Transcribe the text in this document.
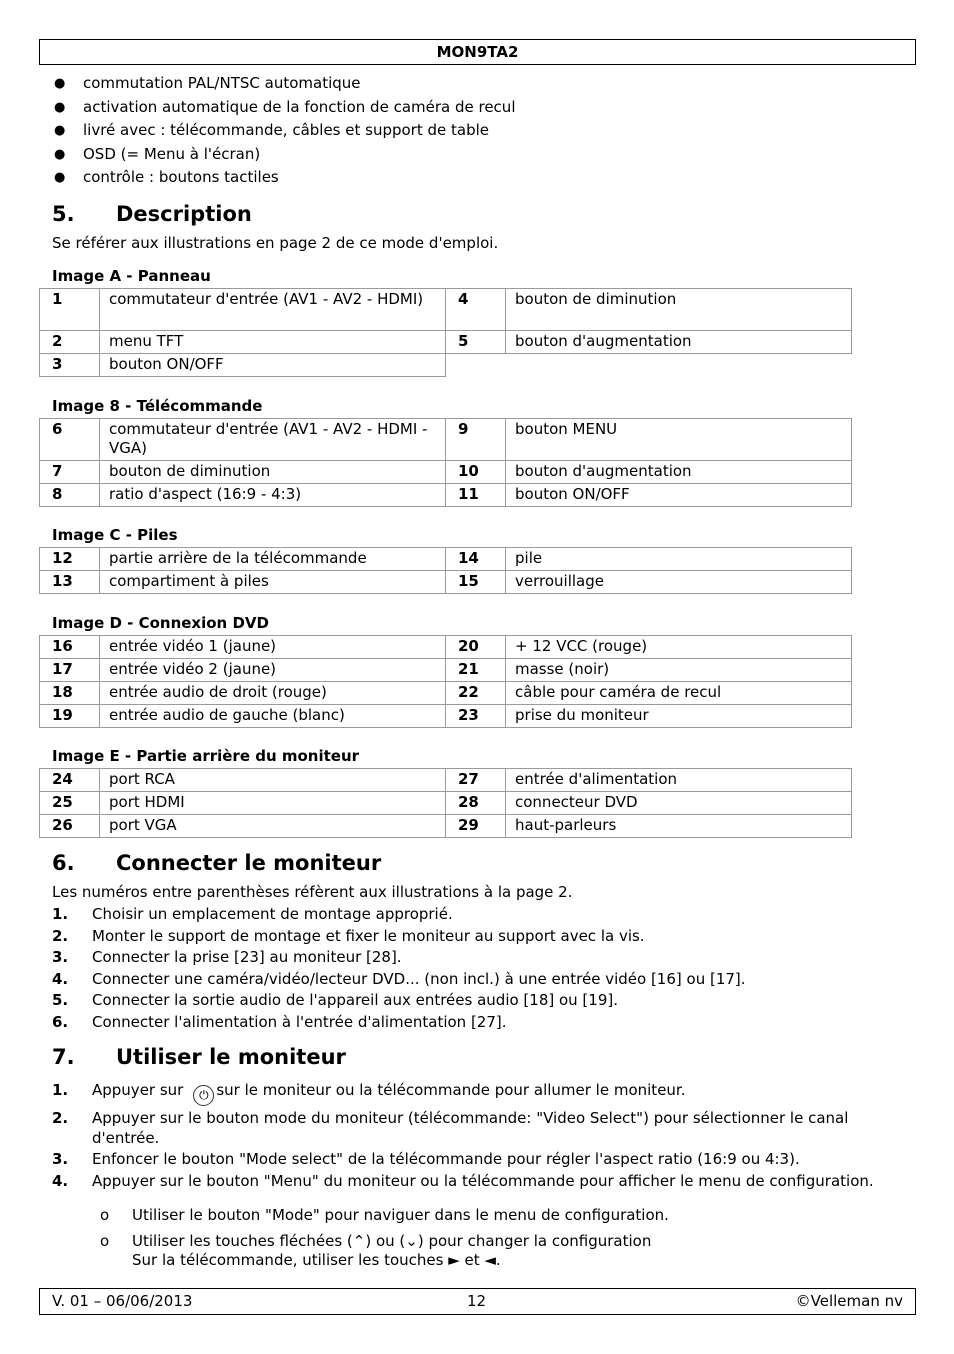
MON9TA2
● commutation PAL/NTSC automatique
● activation automatique de la fonction de caméra de recul
● livré avec : télécommande, câbles et support de table
● OSD (= Menu à l'écran)
● contrôle : boutons tactiles
5. Description
Se référer aux illustrations en page 2 de ce mode d'emploi.
Image A - Panneau
1	commutateur d'entrée (AV1 - AV2 - HDMI)	4	bouton de diminution
2	menu TFT	5	bouton d'augmentation
3	bouton ON/OFF		
Image 8 - Télécommande
6	commutateur d'entrée (AV1 - AV2 - HDMI - VGA)	9	bouton MENU
7	bouton de diminution	10	bouton d'augmentation
8	ratio d'aspect (16:9 - 4:3)	11	bouton ON/OFF
Image C - Piles
12	partie arrière de la télécommande	14	pile
13	compartiment à piles	15	verrouillage
Image D - Connexion DVD
16	entrée vidéo 1 (jaune)	20	+ 12 VCC (rouge)
17	entrée vidéo 2 (jaune)	21	masse (noir)
18	entrée audio de droit (rouge)	22	câble pour caméra de recul
19	entrée audio de gauche (blanc)	23	prise du moniteur
Image E - Partie arrière du moniteur
24	port RCA	27	entrée d'alimentation
25	port HDMI	28	connecteur DVD
26	port VGA	29	haut-parleurs
6. Connecter le moniteur
Les numéros entre parenthèses réfèrent aux illustrations à la page 2.
1. Choisir un emplacement de montage approprié.
2. Monter le support de montage et fixer le moniteur au support avec la vis.
3. Connecter la prise [23] au moniteur [28].
4. Connecter une caméra/vidéo/lecteur DVD... (non incl.) à une entrée vidéo [16] ou [17].
5. Connecter la sortie audio de l'appareil aux entrées audio [18] ou [19].
6. Connecter l'alimentation à l'entrée d'alimentation [27].
7. Utiliser le moniteur
1. Appuyer sur ⏻ sur le moniteur ou la télécommande pour allumer le moniteur.
2. Appuyer sur le bouton mode du moniteur (télécommande: "Video Select") pour sélectionner le canal d'entrée.
3. Enfoncer le bouton "Mode select" de la télécommande pour régler l'aspect ratio (16:9 ou 4:3).
4. Appuyer sur le bouton "Menu" du moniteur ou la télécommande pour afficher le menu de configuration.
o Utiliser le bouton "Mode" pour naviguer dans le menu de configuration.
o Utiliser les touches fléchées (⌃) ou (⌄) pour changer la configuration
Sur la télécommande, utiliser les touches ► et ◄.
V. 01 – 06/06/2013	12	©Velleman nv
